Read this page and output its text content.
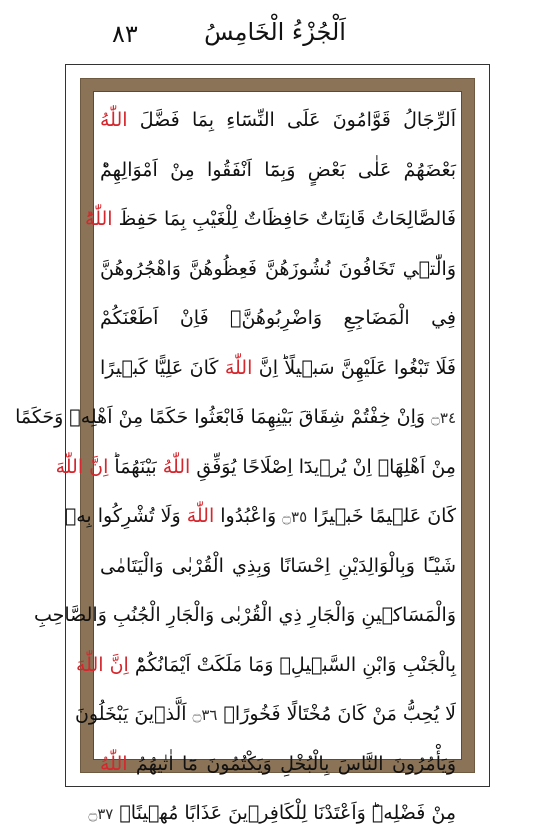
اَلْجُزْءُ الْخَامِسُ
٨٣
اَلرِّجَالُ قَوَّامُونَ عَلَى النِّسَٓاءِ بِمَا فَضَّلَ اللّٰهُ
بَعْضَهُمْ عَلٰى بَعْضٍ وَبِمَٓا اَنْفَقُوا مِنْ اَمْوَالِهِمْؕ
فَالصَّالِحَاتُ قَانِتَاتٌ حَافِظَاتٌ لِلْغَيْبِ بِمَا حَفِظَ اللّٰهُؕ
وَالّٰت۪ي تَخَافُونَ نُشُوزَهُنَّ فَعِظُوهُنَّ وَاهْجُرُوهُنَّ
فِي الْمَضَاجِعِ وَاضْرِبُوهُنَّۚ فَاِنْ اَطَعْنَكُمْ
فَلَا تَبْغُوا عَلَيْهِنَّ سَب۪يلًاؕ اِنَّ اللّٰهَ كَانَ عَلِيًّا كَب۪يرًا
۝٣٤ وَاِنْ خِفْتُمْ شِقَاقَ بَيْنِهِمَا فَابْعَثُوا حَكَمًا مِنْ اَهْلِه۪ وَحَكَمًا
مِنْ اَهْلِهَاۚ اِنْ يُر۪يدَٓا اِصْلَاحًا يُوَفِّقِ اللّٰهُ بَيْنَهُمَاؕ اِنَّ اللّٰهَ
كَانَ عَل۪يمًا خَب۪يرًا ۝٣٥ وَاعْبُدُوا اللّٰهَ وَلَا تُشْرِكُوا بِه۪
شَيْـًٔا وَبِالْوَالِدَيْنِ اِحْسَانًا وَبِذِي الْقُرْبٰى وَالْيَتَامٰى
وَالْمَسَاك۪ينِ وَالْجَارِ ذِي الْقُرْبٰى وَالْجَارِ الْجُنُبِ وَالصَّاحِبِ
بِالْجَنْبِ وَابْنِ السَّب۪يلِۙ وَمَا مَلَكَتْ اَيْمَانُكُمْؕ اِنَّ اللّٰهَ
لَا يُحِبُّ مَنْ كَانَ مُخْتَالًا فَخُورًاۙ ۝٣٦ اَلَّذ۪ينَ يَبْخَلُونَ
وَيَأْمُرُونَ النَّاسَ بِالْبُخْلِ وَيَكْتُمُونَ مَٓا اٰتٰيهُمُ اللّٰهُ
مِنْ فَضْلِه۪ؕ وَاَعْتَدْنَا لِلْكَافِر۪ينَ عَذَابًا مُه۪ينًاۚ ۝٣٧
